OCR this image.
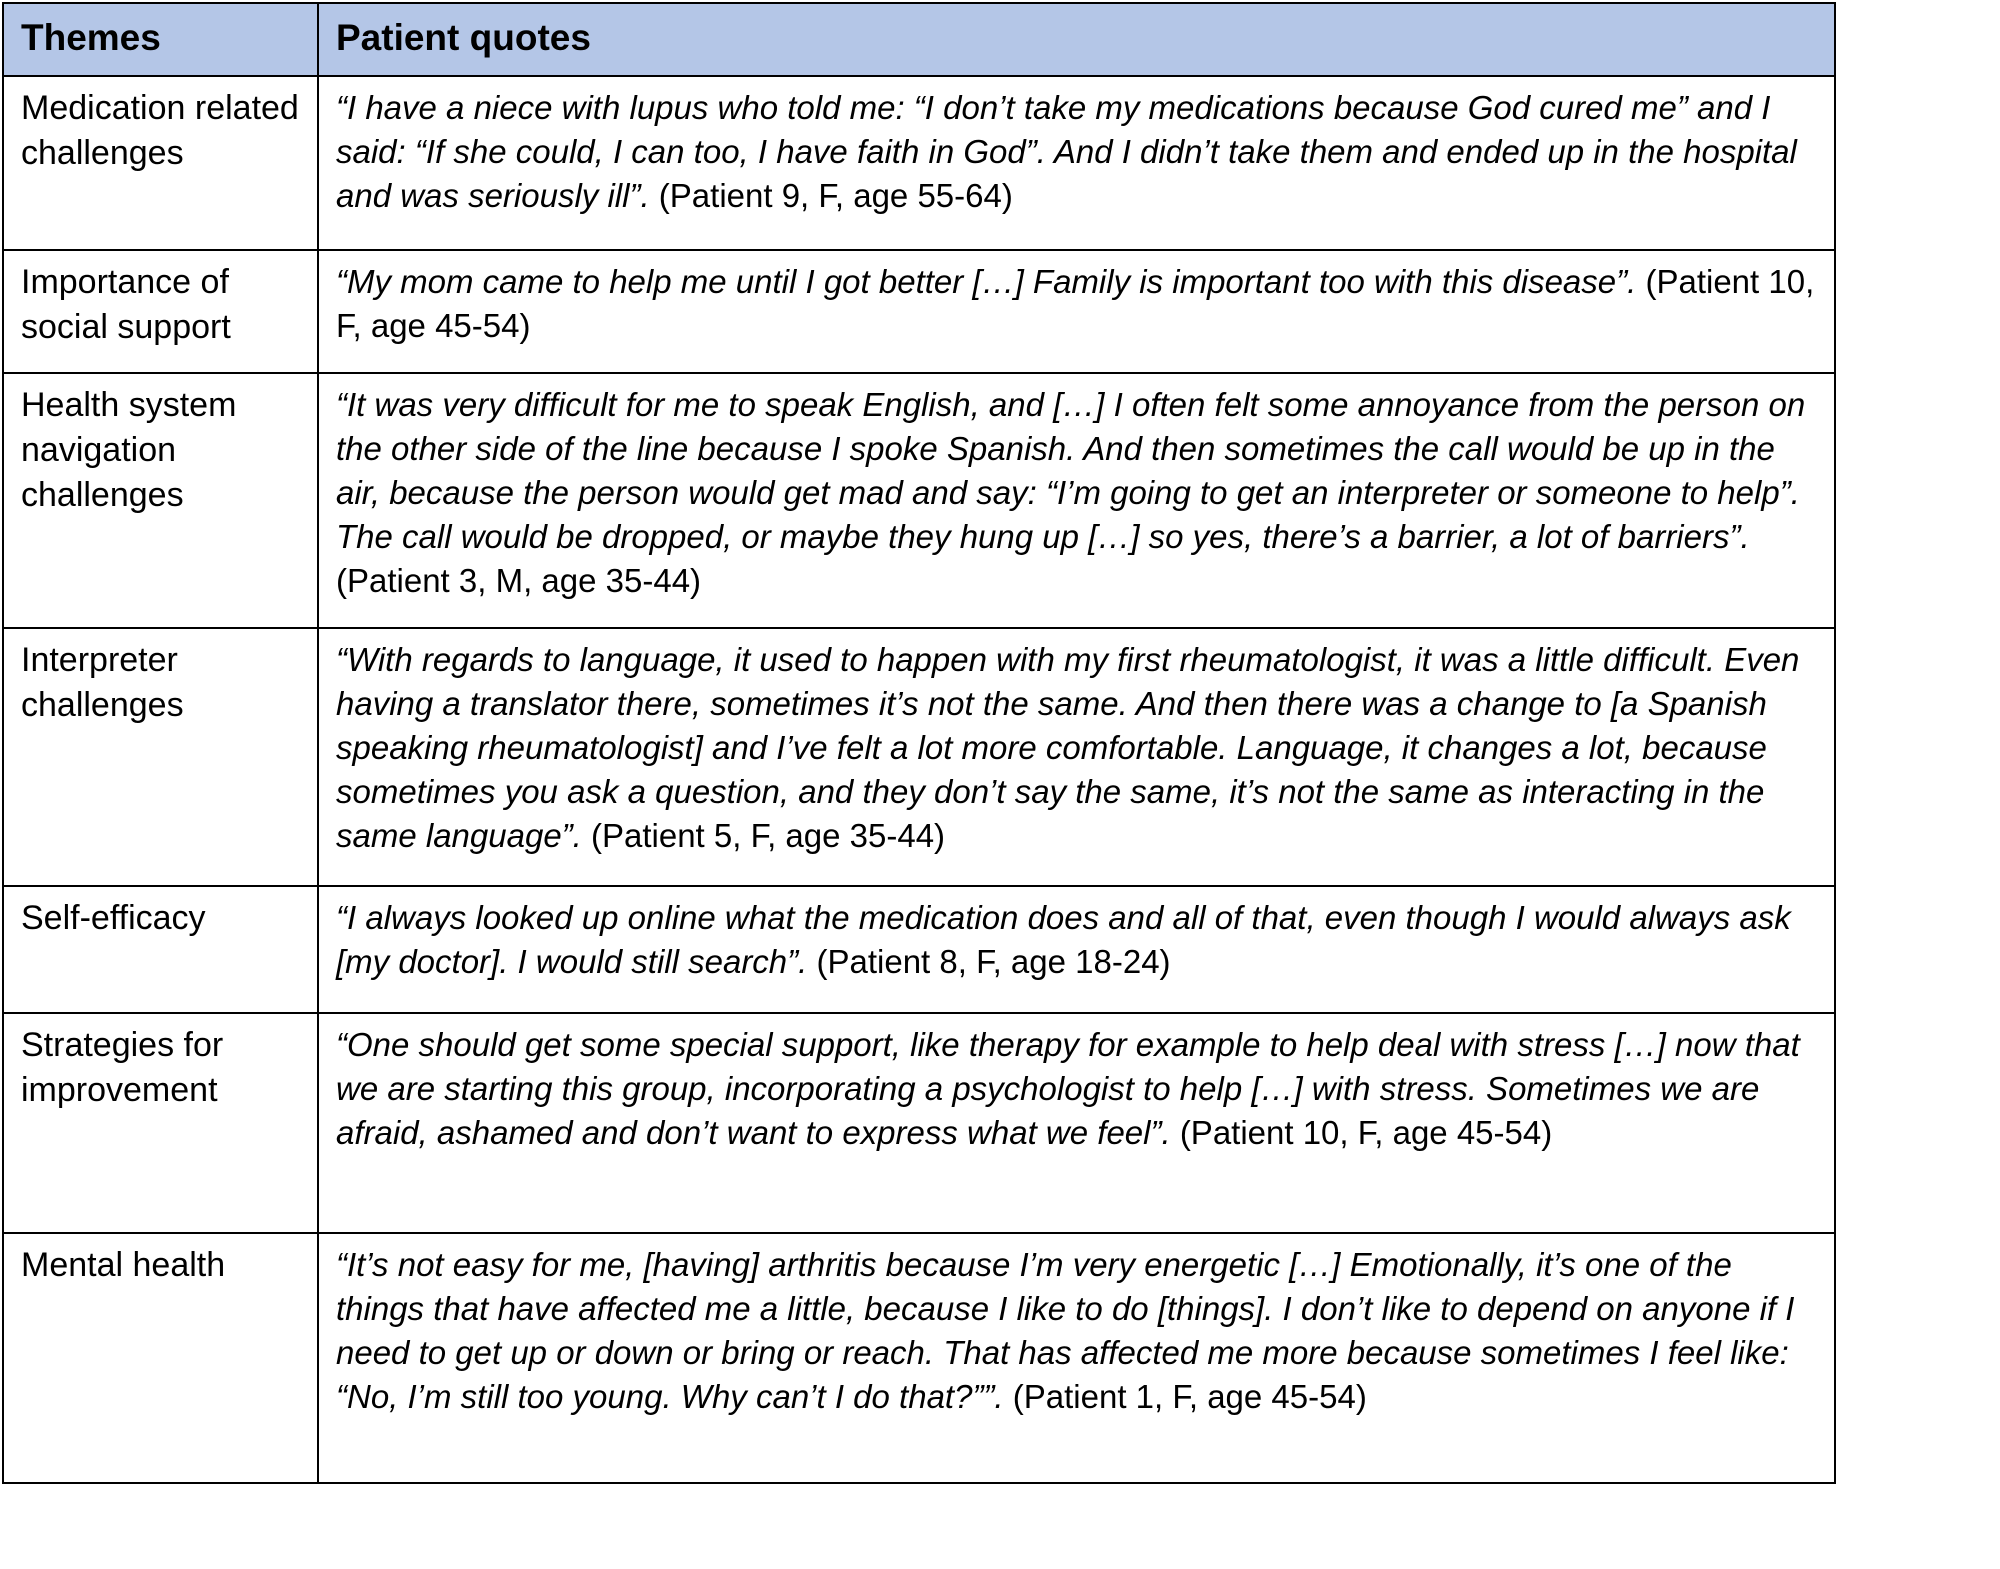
Themes	Patient quotes
Medication related challenges	“I have a niece with lupus who told me: “I don’t take my medications because God cured me” and I said: “If she could, I can too, I have faith in God”. And I didn’t take them and ended up in the hospital and was seriously ill”. (Patient 9, F, age 55-64)
Importance of social support	“My mom came to help me until I got better […] Family is important too with this disease”. (Patient 10, F, age 45-54)
Health system navigation challenges	“It was very difficult for me to speak English, and […] I often felt some annoyance from the person on the other side of the line because I spoke Spanish. And then sometimes the call would be up in the air, because the person would get mad and say: “I’m going to get an interpreter or someone to help”. The call would be dropped, or maybe they hung up […] so yes, there’s a barrier, a lot of barriers”. (Patient 3, M, age 35-44)
Interpreter challenges	“With regards to language, it used to happen with my first rheumatologist, it was a little difficult. Even having a translator there, sometimes it’s not the same. And then there was a change to [a Spanish speaking rheumatologist] and I’ve felt a lot more comfortable. Language, it changes a lot, because sometimes you ask a question, and they don’t say the same, it’s not the same as interacting in the same language”. (Patient 5, F, age 35-44)
Self-efficacy	“I always looked up online what the medication does and all of that, even though I would always ask [my doctor]. I would still search”. (Patient 8, F, age 18-24)
Strategies for improvement	“One should get some special support, like therapy for example to help deal with stress […] now that we are starting this group, incorporating a psychologist to help […] with stress. Sometimes we are afraid, ashamed and don’t want to express what we feel”. (Patient 10, F, age 45-54)
Mental health	“It’s not easy for me, [having] arthritis because I’m very energetic […] Emotionally, it’s one of the things that have affected me a little, because I like to do [things]. I don’t like to depend on anyone if I need to get up or down or bring or reach. That has affected me more because sometimes I feel like: “No, I’m still too young. Why can’t I do that?””. (Patient 1, F, age 45-54)
